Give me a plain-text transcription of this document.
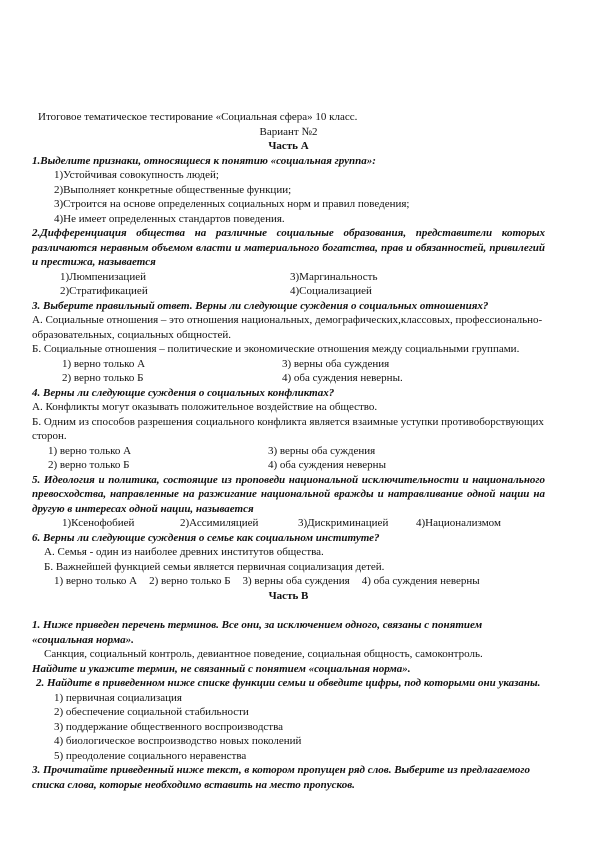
Итоговое тематическое тестирование «Социальная сфера» 10 класс.
Вариант №2
Часть А
1.Выделите признаки, относящиеся к понятию «социальная группа»:
1)Устойчивая совокупность людей;
2)Выполняет конкретные общественные функции;
3)Строится на основе определенных социальных норм и правил поведения;
4)Не имеет определенных стандартов поведения.
2.Дифференциация общества на различные социальные образования, представители которых различаются неравным объемом власти и материального богатства, прав и обязанностей, привилегий и престижа, называется
1)Люмпенизацией	3)Маргинальность
2)Стратификацией	4)Социализацией
3. Выберите правильный ответ. Верны ли следующие суждения о социальных отношениях?
А. Социальные отношения – это отношения национальных, демографических,классовых, профессионально-образовательных, социальных общностей.
Б. Социальные отношения – политические и экономические отношения между социальными группами.
1) верно только А	3) верны оба суждения
2) верно только Б	4) оба суждения неверны.
4. Верны ли следующие суждения о социальных конфликтах?
А. Конфликты могут оказывать положительное воздействие на общество.
Б. Одним из способов разрешения социального конфликта является взаимные уступки противоборствующих сторон.
1) верно только А	3) верны оба суждения
2) верно только Б	4) оба суждения неверны
5. Идеология и политика, состоящие из проповеди национальной исключительности и национального превосходства, направленные на разжигание национальной вражды и натравливание одной нации на другую в интересах одной нации, называется
1)Ксенофобией	2)Ассимиляцией	3)Дискриминацией	4)Национализмом
6. Верны ли следующие суждения о семье как социальном институте?
А. Семья - один из наиболее древних институтов общества.
Б. Важнейшей функцией семьи является первичная социализация детей.
1) верно только А 2) верно только Б 3) верны оба суждения 4) оба суждения неверны
Часть В
1. Ниже приведен перечень терминов. Все они, за исключением одного, связаны с понятием «социальная норма».
Санкция, социальный контроль, девиантное поведение, социальная общность, самоконтроль.
Найдите и укажите термин, не связанный с понятием «социальная норма».
2. Найдите в приведенном ниже списке функции семьи и обведите цифры, под которыми они указаны.
1) первичная социализация
2) обеспечение социальной стабильности
3) поддержание общественного воспроизводства
4) биологическое воспроизводство новых поколений
5) преодоление социального неравенства
3. Прочитайте приведенный ниже текст, в котором пропущен ряд слов. Выберите из предлагаемого списка слова, которые необходимо вставить на место пропусков.
